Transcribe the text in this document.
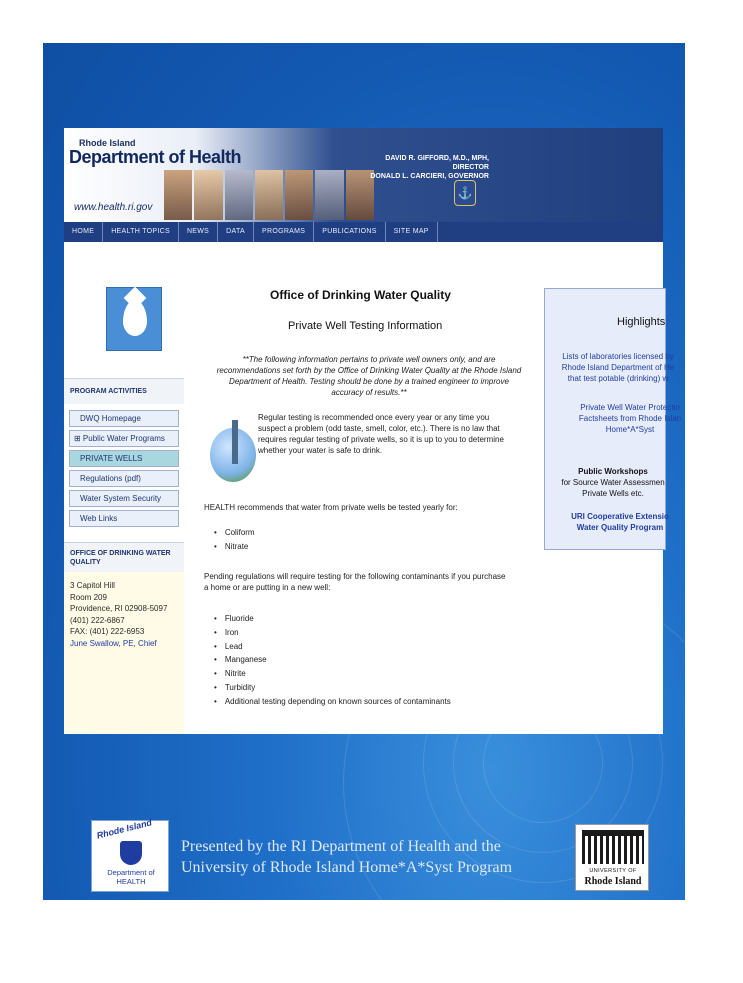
Rhode Island
Department of Health
www.health.ri.gov
DAVID R. GIFFORD, M.D., MPH, DIRECTOR
DONALD L. CARCIERI, GOVERNOR
⚓
HOME	HEALTH TOPICS	NEWS	DATA	PROGRAMS	PUBLICATIONS	SITE MAP
PROGRAM ACTIVITIES
DWQ Homepage
⊞ Public Water Programs
PRIVATE WELLS
Regulations (pdf)
Water System Security
Web Links
OFFICE OF DRINKING WATER
QUALITY
3 Capitol Hill
Room 209
Providence, RI 02908-5097
(401) 222-6867
FAX: (401) 222-6953
June Swallow, PE, Chief
Office of Drinking Water Quality
Private Well Testing Information
**The following information pertains to private well owners only, and are
recommendations set forth by the Office of Drinking Water Quality at the Rhode Island
Department of Health. Testing should be done by a trained engineer to improve
accuracy of results.**
Regular testing is recommended once every year or any time you
suspect a problem (odd taste, smell, color, etc.). There is no law that
requires regular testing of private wells, so it is up to you to determine
whether your water is safe to drink.
HEALTH recommends that water from private wells be tested yearly for:
• Coliform
• Nitrate
Pending regulations will require testing for the following contaminants if you purchase
a home or are putting in a new well:
• Fluoride
• Iron
• Lead
• Manganese
• Nitrite
• Turbidity
• Additional testing depending on known sources of contaminants
Highlights
Lists of laboratories licensed by
Rhode Island Department of He
that test potable (drinking) w
Private Well Water Protectio
Factsheets from Rhode Islan
Home*A*Syst
Public Workshops
for Source Water Assessmen
Private Wells etc.
URI Cooperative Extensio
Water Quality Program
Rhode Island
Department of
HEALTH
Presented by the RI Department of Health and the
University of Rhode Island Home*A*Syst Program	UNIVERSITY OF
Rhode Island
